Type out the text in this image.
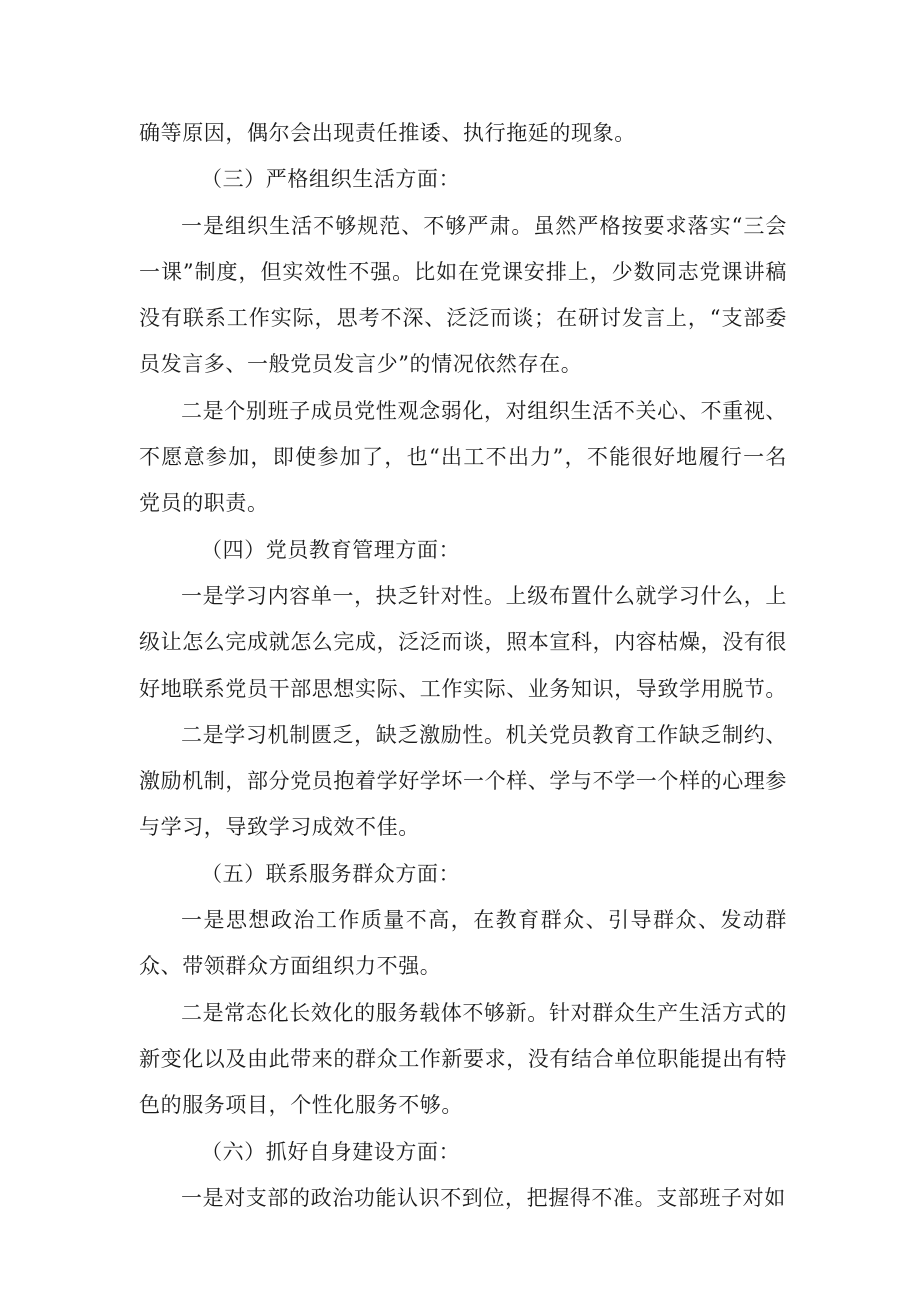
确等原因，偶尔会出现责任推诿、执行拖延的现象。

（三）严格组织生活方面：

一是组织生活不够规范、不够严肃。虽然严格按要求落实“三会一课”制度，但实效性不强。比如在党课安排上，少数同志党课讲稿没有联系工作实际，思考不深、泛泛而谈；在研讨发言上，“支部委员发言多、一般党员发言少”的情况依然存在。

二是个别班子成员党性观念弱化，对组织生活不关心、不重视、不愿意参加，即使参加了，也“出工不出力”，不能很好地履行一名党员的职责。

（四）党员教育管理方面：

一是学习内容单一，抉乏针对性。上级布置什么就学习什么，上级让怎么完成就怎么完成，泛泛而谈，照本宣科，内容枯燥，没有很好地联系党员干部思想实际、工作实际、业务知识，导致学用脱节。

二是学习机制匮乏，缺乏激励性。机关党员教育工作缺乏制约、激励机制，部分党员抱着学好学坏一个样、学与不学一个样的心理参与学习，导致学习成效不佳。

（五）联系服务群众方面：

一是思想政治工作质量不高，在教育群众、引导群众、发动群众、带领群众方面组织力不强。

二是常态化长效化的服务载体不够新。针对群众生产生活方式的新变化以及由此带来的群众工作新要求，没有结合单位职能提出有特色的服务项目，个性化服务不够。

（六）抓好自身建设方面：

一是对支部的政治功能认识不到位，把握得不准。支部班子对如
